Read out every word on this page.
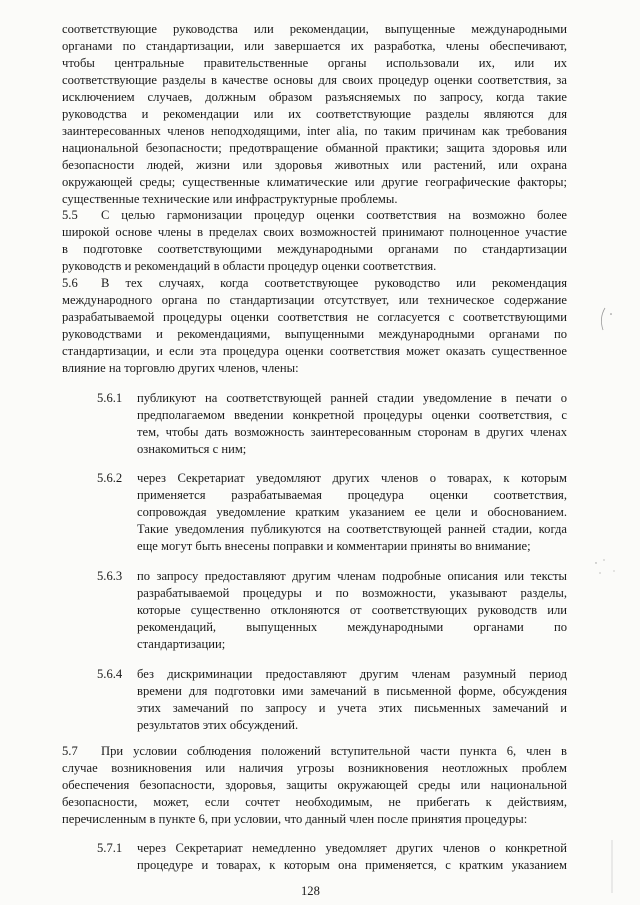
соответствующие руководства или рекомендации, выпущенные международными
органами по стандартизации, или завершается их разработка, члены обеспечивают,
чтобы центральные правительственные органы использовали их, или их
соответствующие разделы в качестве основы для своих процедур оценки соответствия, за
исключением случаев, должным образом разъясняемых по запросу, когда такие
руководства и рекомендации или их соответствующие разделы являются для
заинтересованных членов неподходящими, inter alia, по таким причинам как требования
национальной безопасности; предотвращение обманной практики; защита здоровья или
безопасности людей, жизни или здоровья животных или растений, или охрана
окружающей среды; существенные климатические или другие географические факторы;
существенные технические или инфраструктурные проблемы.
5.5 С целью гармонизации процедур оценки соответствия на возможно более
широкой основе члены в пределах своих возможностей принимают полноценное участие
в подготовке соответствующими международными органами по стандартизации
руководств и рекомендаций в области процедур оценки соответствия.
5.6 В тех случаях, когда соответствующее руководство или рекомендация
международного органа по стандартизации отсутствует, или техническое содержание
разрабатываемой процедуры оценки соответствия не согласуется с соответствующими
руководствами и рекомендациями, выпущенными международными органами по
стандартизации, и если эта процедура оценки соответствия может оказать существенное
влияние на торговлю других членов, члены:
5.6.1 публикуют на соответствующей ранней стадии уведомление в печати о
предполагаемом введении конкретной процедуры оценки соответствия, с
тем, чтобы дать возможность заинтересованным сторонам в других членах
ознакомиться с ним;
5.6.2 через Секретариат уведомляют других членов о товарах, к которым
применяется разрабатываемая процедура оценки соответствия,
сопровождая уведомление кратким указанием ее цели и обоснованием.
Такие уведомления публикуются на соответствующей ранней стадии, когда
еще могут быть внесены поправки и комментарии приняты во внимание;
5.6.3 по запросу предоставляют другим членам подробные описания или тексты
разрабатываемой процедуры и по возможности, указывают разделы,
которые существенно отклоняются от соответствующих руководств или
рекомендаций, выпущенных международными органами по
стандартизации;
5.6.4 без дискриминации предоставляют другим членам разумный период
времени для подготовки ими замечаний в письменной форме, обсуждения
этих замечаний по запросу и учета этих письменных замечаний и
результатов этих обсуждений.
5.7 При условии соблюдения положений вступительной части пункта 6, член в
случае возникновения или наличия угрозы возникновения неотложных проблем
обеспечения безопасности, здоровья, защиты окружающей среды или национальной
безопасности, может, если сочтет необходимым, не прибегать к действиям,
перечисленным в пункте 6, при условии, что данный член после принятия процедуры:
5.7.1 через Секретариат немедленно уведомляет других членов о конкретной
процедуре и товарах, к которым она применяется, с кратким указанием
128
